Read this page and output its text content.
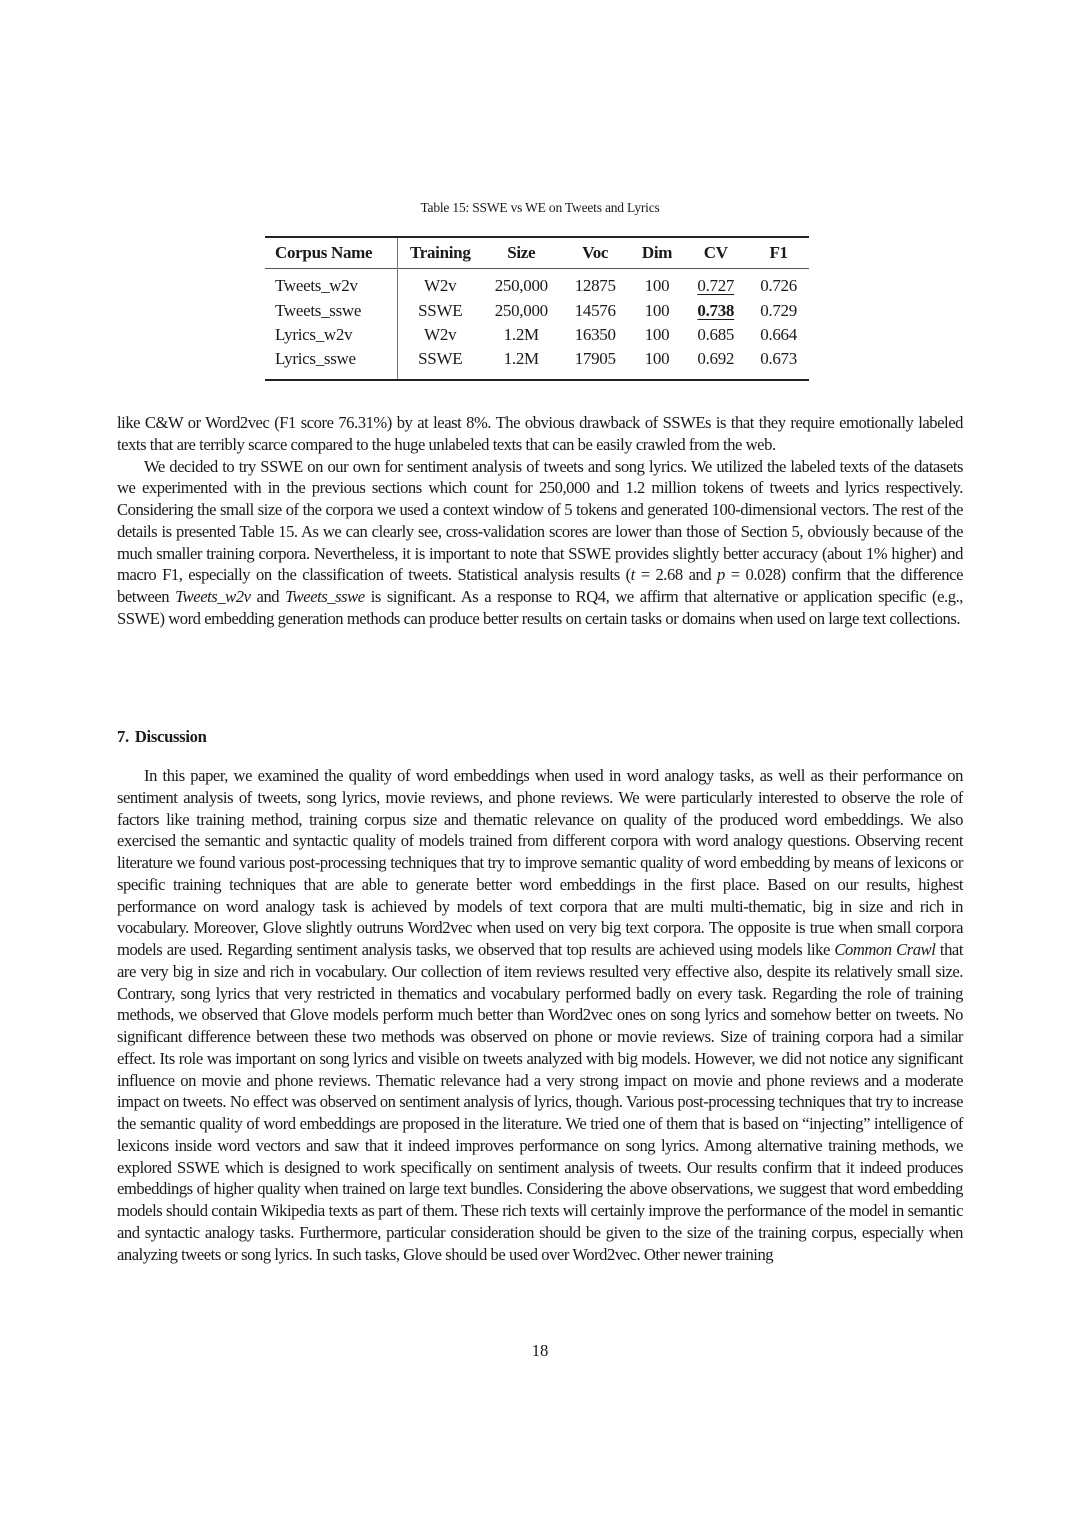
Table 15: SSWE vs WE on Tweets and Lyrics
Corpus Name	Training	Size	Voc	Dim	CV	F1
Tweets_w2v	W2v	250,000	12875	100	0.727	0.726
Tweets_sswe	SSWE	250,000	14576	100	0.738	0.729
Lyrics_w2v	W2v	1.2M	16350	100	0.685	0.664
Lyrics_sswe	SSWE	1.2M	17905	100	0.692	0.673

like C&W or Word2vec (F1 score 76.31%) by at least 8%. The obvious drawback of SSWEs is that they require emotionally labeled texts that are terribly scarce compared to the huge unlabeled texts that can be easily crawled from the web.

We decided to try SSWE on our own for sentiment analysis of tweets and song lyrics. We utilized the labeled texts of the datasets we experimented with in the previous sections which count for 250,000 and 1.2 million tokens of tweets and lyrics respectively. Considering the small size of the corpora we used a context window of 5 tokens and generated 100-dimensional vectors. The rest of the details is presented Table 15. As we can clearly see, cross-validation scores are lower than those of Section 5, obviously because of the much smaller training corpora. Nevertheless, it is important to note that SSWE provides slightly better accuracy (about 1% higher) and macro F1, especially on the classification of tweets. Statistical analysis results (t = 2.68 and p = 0.028) confirm that the difference between Tweets_w2v and Tweets_sswe is significant. As a response to RQ4, we affirm that alternative or application specific (e.g., SSWE) word embedding generation methods can produce better results on certain tasks or domains when used on large text collections.

7. Discussion

In this paper, we examined the quality of word embeddings when used in word analogy tasks, as well as their performance on sentiment analysis of tweets, song lyrics, movie reviews, and phone reviews. We were particularly interested to observe the role of factors like training method, training corpus size and thematic relevance on quality of the produced word embeddings. We also exercised the semantic and syntactic quality of models trained from different corpora with word analogy questions. Observing recent literature we found various post-processing techniques that try to improve semantic quality of word embedding by means of lexicons or specific training techniques that are able to generate better word embeddings in the first place. Based on our results, highest performance on word analogy task is achieved by models of text corpora that are multi multi-thematic, big in size and rich in vocabulary. Moreover, Glove slightly outruns Word2vec when used on very big text corpora. The opposite is true when small corpora models are used. Regarding sentiment analysis tasks, we observed that top results are achieved using models like Common Crawl that are very big in size and rich in vocabulary. Our collection of item reviews resulted very effective also, despite its relatively small size. Contrary, song lyrics that very restricted in thematics and vocabulary performed badly on every task. Regarding the role of training methods, we observed that Glove models perform much better than Word2vec ones on song lyrics and somehow better on tweets. No significant difference between these two methods was observed on phone or movie reviews. Size of training corpora had a similar effect. Its role was important on song lyrics and visible on tweets analyzed with big models. However, we did not notice any significant influence on movie and phone reviews. Thematic relevance had a very strong impact on movie and phone reviews and a moderate impact on tweets. No effect was observed on sentiment analysis of lyrics, though. Various post-processing techniques that try to increase the semantic quality of word embeddings are proposed in the literature. We tried one of them that is based on “injecting” intelligence of lexicons inside word vectors and saw that it indeed improves performance on song lyrics. Among alternative training methods, we explored SSWE which is designed to work specifically on sentiment analysis of tweets. Our results confirm that it indeed produces embeddings of higher quality when trained on large text bundles. Considering the above observations, we suggest that word embedding models should contain Wikipedia texts as part of them. These rich texts will certainly improve the performance of the model in semantic and syntactic analogy tasks. Furthermore, particular consideration should be given to the size of the training corpus, especially when analyzing tweets or song lyrics. In such tasks, Glove should be used over Word2vec. Other newer training

18
